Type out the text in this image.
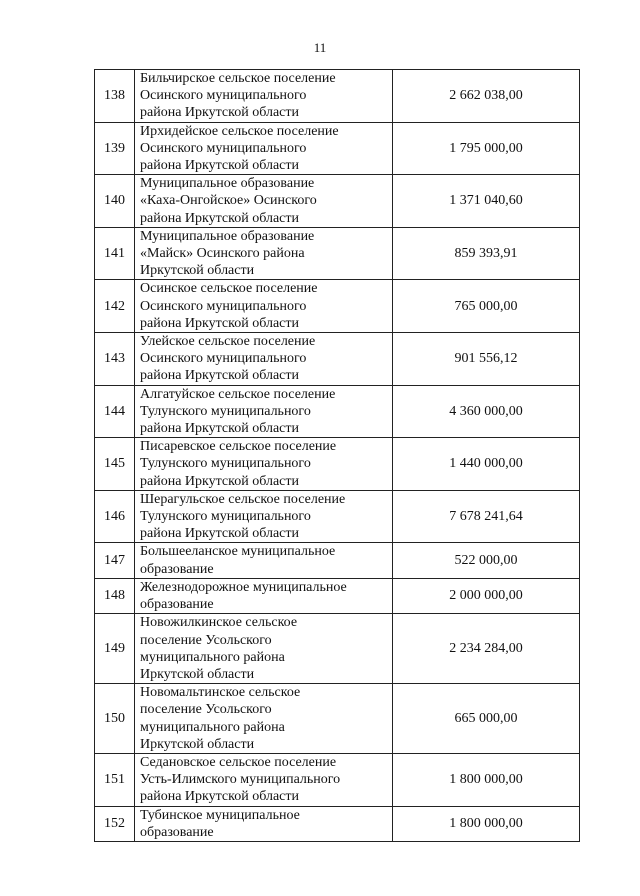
11
138	Бильчирское сельское поселение
Осинского муниципального
района Иркутской области	2 662 038,00
139	Ирхидейское сельское поселение
Осинского муниципального
района Иркутской области	1 795 000,00
140	Муниципальное образование
«Каха-Онгойское» Осинского
района Иркутской области	1 371 040,60
141	Муниципальное образование
«Майск» Осинского района
Иркутской области	859 393,91
142	Осинское сельское поселение
Осинского муниципального
района Иркутской области	765 000,00
143	Улейское сельское поселение
Осинского муниципального
района Иркутской области	901 556,12
144	Алгатуйское сельское поселение
Тулунского муниципального
района Иркутской области	4 360 000,00
145	Писаревское сельское поселение
Тулунского муниципального
района Иркутской области	1 440 000,00
146	Шерагульское сельское поселение
Тулунского муниципального
района Иркутской области	7 678 241,64
147	Большееланское муниципальное
образование	522 000,00
148	Железнодорожное муниципальное
образование	2 000 000,00
149	Новожилкинское сельское
поселение Усольского
муниципального района
Иркутской области	2 234 284,00
150	Новомальтинское сельское
поселение Усольского
муниципального района
Иркутской области	665 000,00
151	Седановское сельское поселение
Усть-Илимского муниципального
района Иркутской области	1 800 000,00
152	Тубинское муниципальное
образование	1 800 000,00
